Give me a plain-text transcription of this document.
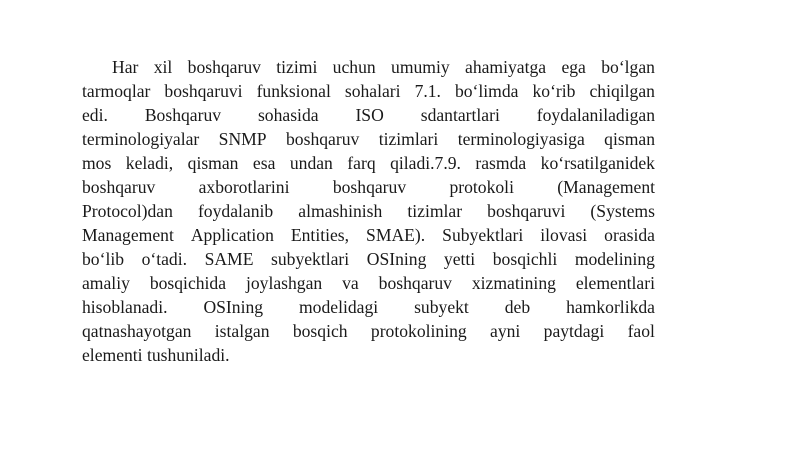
Har xil boshqaruv tizimi uchun umumiy ahamiyatga ega bo‘lgan
tarmoqlar boshqaruvi funksional sohalari 7.1. bo‘limda ko‘rib chiqilgan
edi. Boshqaruv sohasida ISO sdantartlari foydalaniladigan
terminologiyalar SNMP boshqaruv tizimlari terminologiyasiga qisman
mos keladi, qisman esa undan farq qiladi.7.9. rasmda ko‘rsatilganidek
boshqaruv axborotlarini boshqaruv protokoli (Management
Protocol)dan foydalanib almashinish tizimlar boshqaruvi (Systems
Management Application Entities, SMAE). Subyektlari ilovasi orasida
bo‘lib o‘tadi. SAME subyektlari OSIning yetti bosqichli modelining
amaliy bosqichida joylashgan va boshqaruv xizmatining elementlari
hisoblanadi. OSIning modelidagi subyekt deb hamkorlikda
qatnashayotgan istalgan bosqich protokolining ayni paytdagi faol
elementi tushuniladi.
